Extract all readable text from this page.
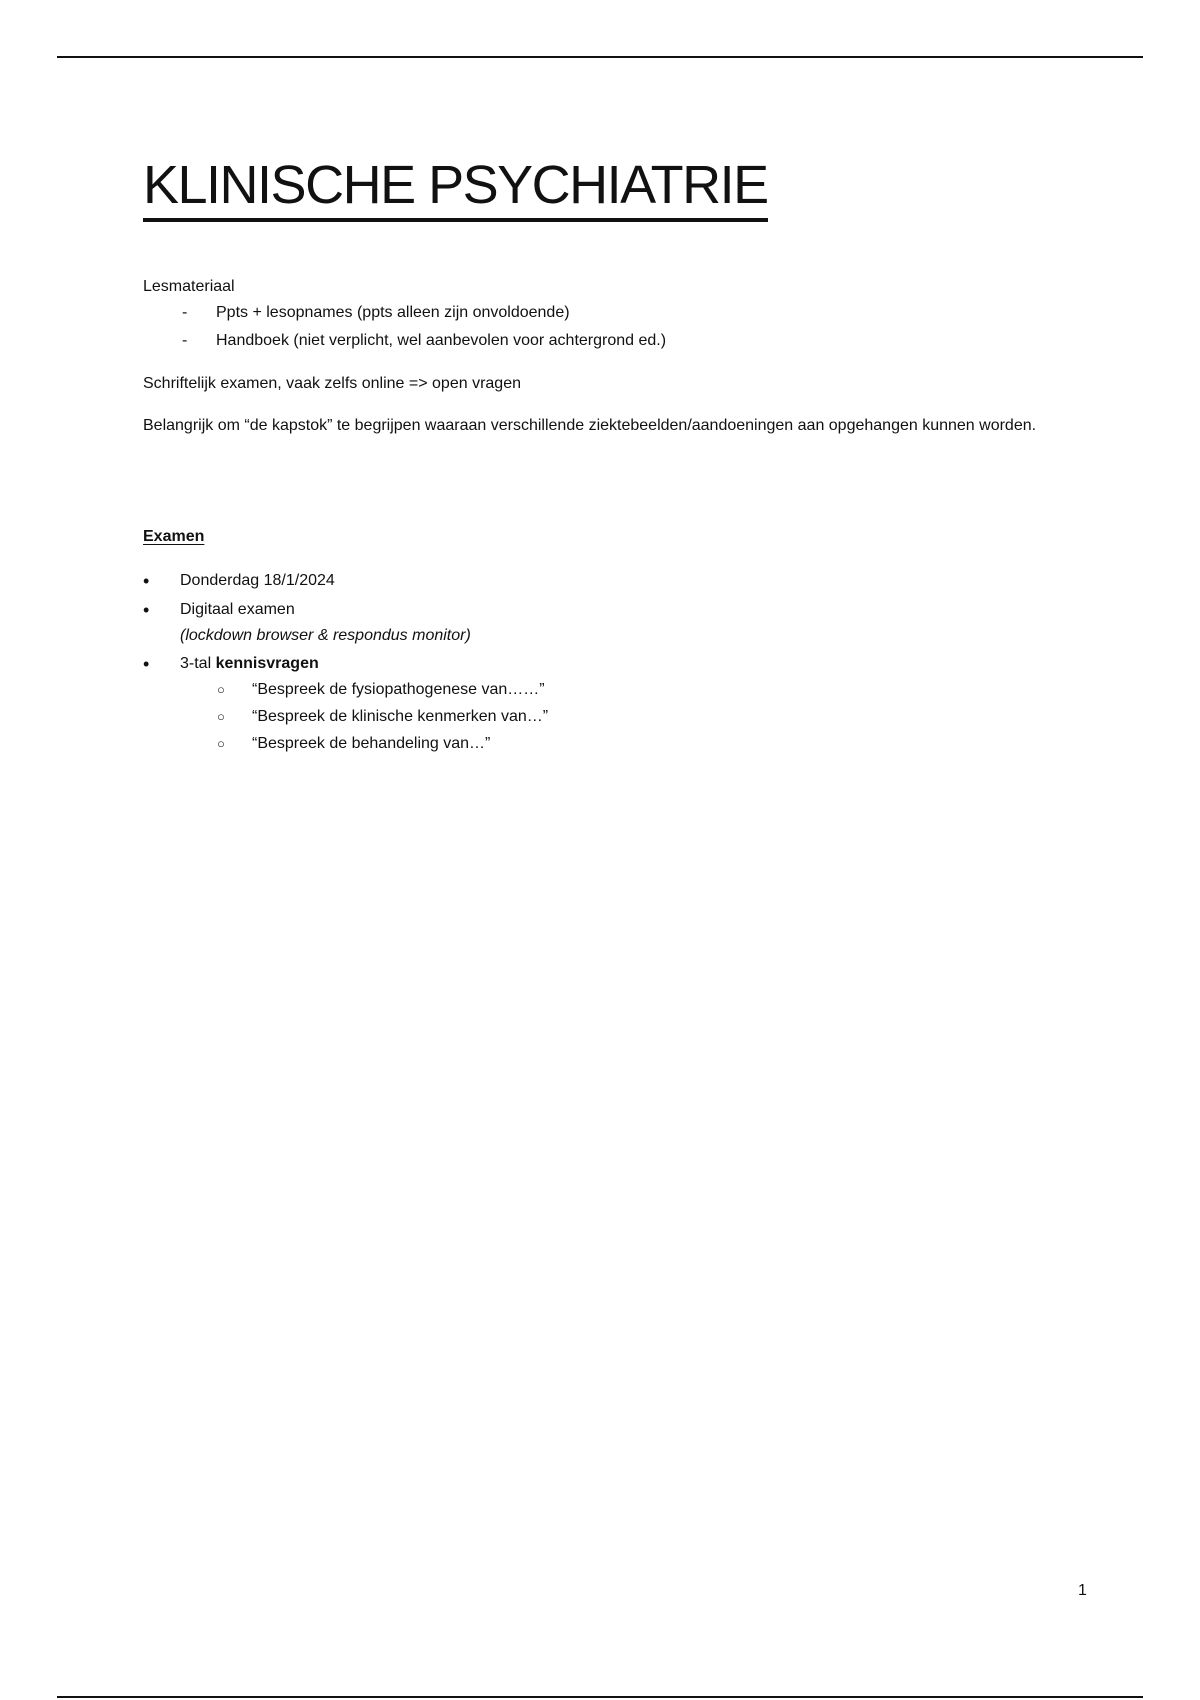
KLINISCHE PSYCHIATRIE
Lesmateriaal
- Ppts + lesopnames (ppts alleen zijn onvoldoende)
- Handboek (niet verplicht, wel aanbevolen voor achtergrond ed.)
Schriftelijk examen, vaak zelfs online => open vragen
Belangrijk om “de kapstok” te begrijpen waaraan verschillende ziektebeelden/aandoeningen aan opgehangen kunnen worden.
Examen
• Donderdag 18/1/2024
• Digitaal examen
(lockdown browser & respondus monitor)
• 3-tal kennisvragen
○ “Bespreek de fysiopathogenese van……”
○ “Bespreek de klinische kenmerken van…”
○ “Bespreek de behandeling van…”
1
